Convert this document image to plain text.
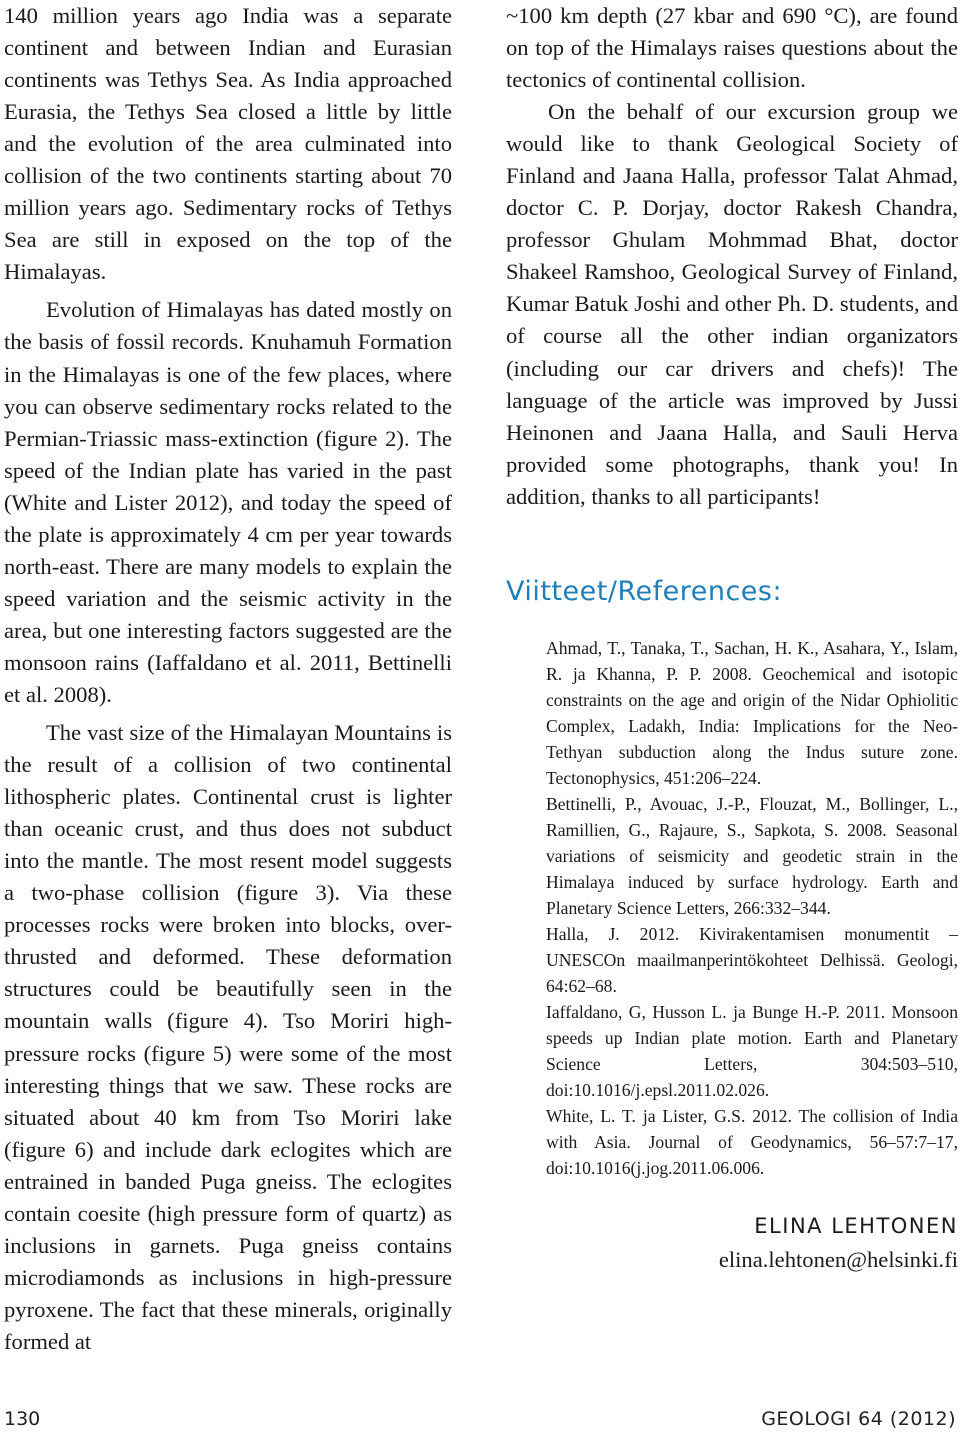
140 million years ago India was a separate continent and between Indian and Eurasian continents was Tethys Sea. As India approached Eurasia, the Tethys Sea closed a little by little and the evolution of the area culminated into collision of the two continents starting about 70 million years ago. Sedimentary rocks of Tethys Sea are still in exposed on the top of the Himalayas.

Evolution of Himalayas has dated mostly on the basis of fossil records. Knuhamuh Formation in the Himalayas is one of the few places, where you can observe sedimentary rocks related to the Permian-Triassic mass-extinction (figure 2). The speed of the Indian plate has varied in the past (White and Lister 2012), and today the speed of the plate is approximately 4 cm per year towards north-east. There are many models to explain the speed variation and the seismic activity in the area, but one interesting factors suggested are the monsoon rains (Iaffaldano et al. 2011, Bettinelli et al. 2008).

The vast size of the Himalayan Mountains is the result of a collision of two continental lithospheric plates. Continental crust is lighter than oceanic crust, and thus does not subduct into the mantle. The most resent model suggests a two-phase collision (figure 3). Via these processes rocks were broken into blocks, over-thrusted and deformed. These deformation structures could be beautifully seen in the mountain walls (figure 4). Tso Moriri high-pressure rocks (figure 5) were some of the most interesting things that we saw. These rocks are situated about 40 km from Tso Moriri lake (figure 6) and include dark eclogites which are entrained in banded Puga gneiss. The eclogites contain coesite (high pressure form of quartz) as inclusions in garnets. Puga gneiss contains microdiamonds as inclusions in high-pressure pyroxene. The fact that these minerals, originally formed at

~100 km depth (27 kbar and 690 °C), are found on top of the Himalays raises questions about the tectonics of continental collision.

On the behalf of our excursion group we would like to thank Geological Society of Finland and Jaana Halla, professor Talat Ahmad, doctor C. P. Dorjay, doctor Rakesh Chandra, professor Ghulam Mohmmad Bhat, doctor Shakeel Ramshoo, Geological Survey of Finland, Kumar Batuk Joshi and other Ph. D. students, and of course all the other indian organizators (including our car drivers and chefs)! The language of the article was improved by Jussi Heinonen and Jaana Halla, and Sauli Herva provided some photographs, thank you! In addition, thanks to all participants!

Viitteet/References:

Ahmad, T., Tanaka, T., Sachan, H. K., Asahara, Y., Islam, R. ja Khanna, P. P. 2008. Geochemical and isotopic constraints on the age and origin of the Nidar Ophiolitic Complex, Ladakh, India: Implications for the Neo-Tethyan subduction along the Indus suture zone. Tectonophysics, 451:206–224.

Bettinelli, P., Avouac, J.-P., Flouzat, M., Bollinger, L., Ramillien, G., Rajaure, S., Sapkota, S. 2008. Seasonal variations of seismicity and geodetic strain in the Himalaya induced by surface hydrology. Earth and Planetary Science Letters, 266:332–344.

Halla, J. 2012. Kivirakentamisen monumentit – UNESCOn maailmanperintökohteet Delhissä. Geologi, 64:62–68.

Iaffaldano, G, Husson L. ja Bunge H.-P. 2011. Monsoon speeds up Indian plate motion. Earth and Planetary Science Letters, 304:503–510, doi:10.1016/j.epsl.2011.02.026.

White, L. T. ja Lister, G.S. 2012. The collision of India with Asia. Journal of Geodynamics, 56–57:7–17, doi:10.1016(j.jog.2011.06.006.

ELINA LEHTONEN
elina.lehtonen@helsinki.fi
130	GEOLOGI 64 (2012)
